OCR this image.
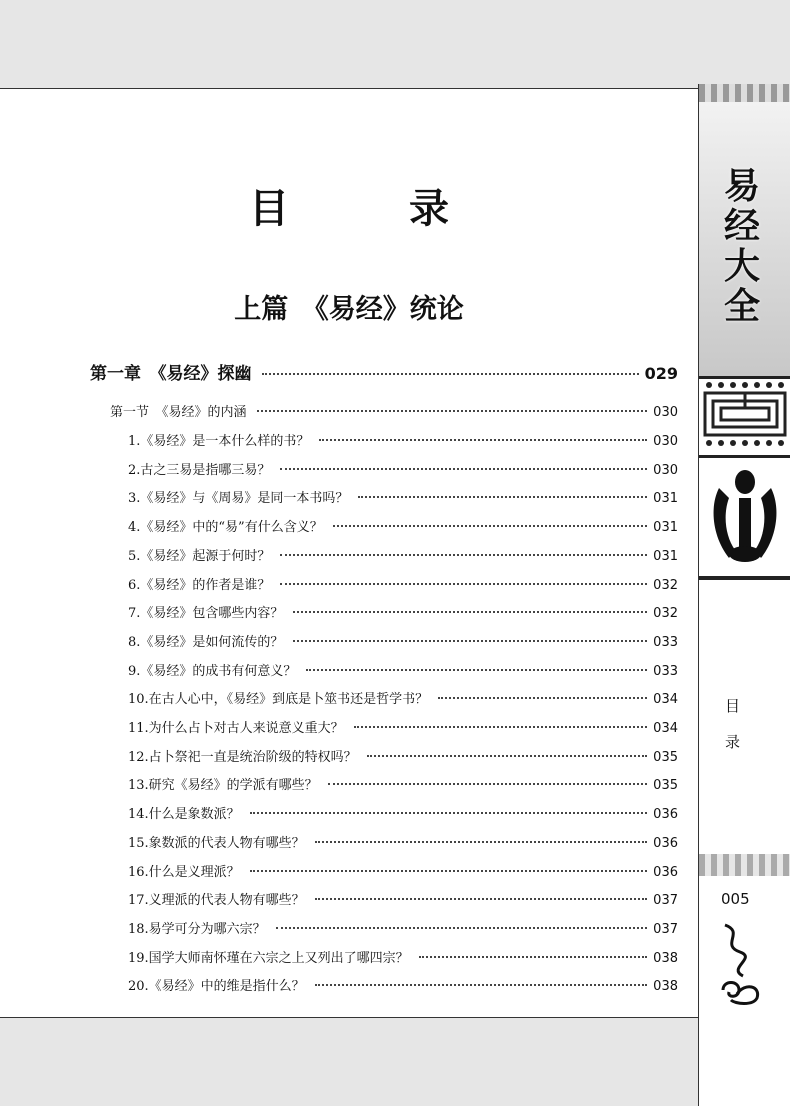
目　录
上篇　《易经》统论
第一章　《易经》探幽	029
第一节　《易经》的内涵	030
1.《易经》是一本什么样的书？	030
2.古之三易是指哪三易？	030
3.《易经》与《周易》是同一本书吗？	031
4.《易经》中的“易”有什么含义？	031
5.《易经》起源于何时？	031
6.《易经》的作者是谁？	032
7.《易经》包含哪些内容？	032
8.《易经》是如何流传的？	033
9.《易经》的成书有何意义？	033
10.在古人心中，《易经》到底是卜筮书还是哲学书？	034
11.为什么占卜对古人来说意义重大？	034
12.占卜祭祀一直是统治阶级的特权吗？	035
13.研究《易经》的学派有哪些？	035
14.什么是象数派？	036
15.象数派的代表人物有哪些？	036
16.什么是义理派？	036
17.义理派的代表人物有哪些？	037
18.易学可分为哪六宗？	037
19.国学大师南怀瑾在六宗之上又列出了哪四宗？	038
20.《易经》中的维是指什么？	038
易经大全
目
录
005
